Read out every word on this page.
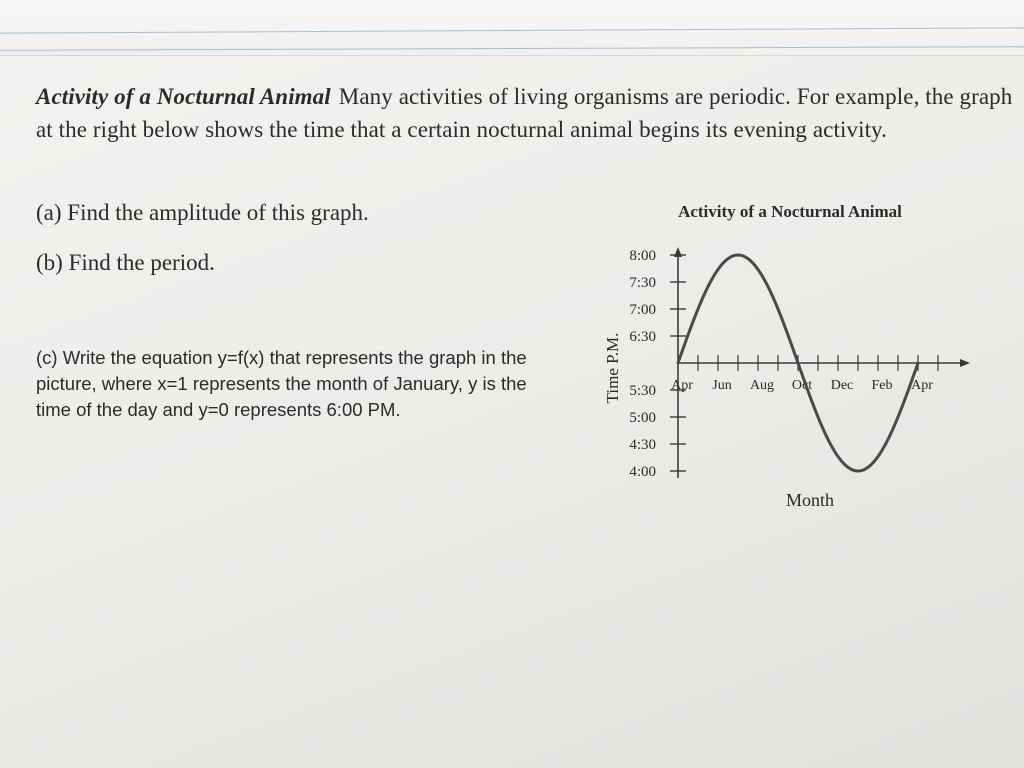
Activity of a Nocturnal Animal Many activities of living organisms are periodic. For example, the graph at the right below shows the time that a certain nocturnal animal begins its evening activity.
(a) Find the amplitude of this graph.
(b) Find the period.
(c) Write the equation y=f(x) that represents the graph in the picture, where x=1 represents the month of January, y is the time of the day and y=0 represents 6:00 PM.
Activity of a Nocturnal Animal
8:00
7:30
7:00
6:30
5:30
5:00
4:30
4:00
Time P.M.	Apr Jun Aug Oct Dec Feb Apr
Month
